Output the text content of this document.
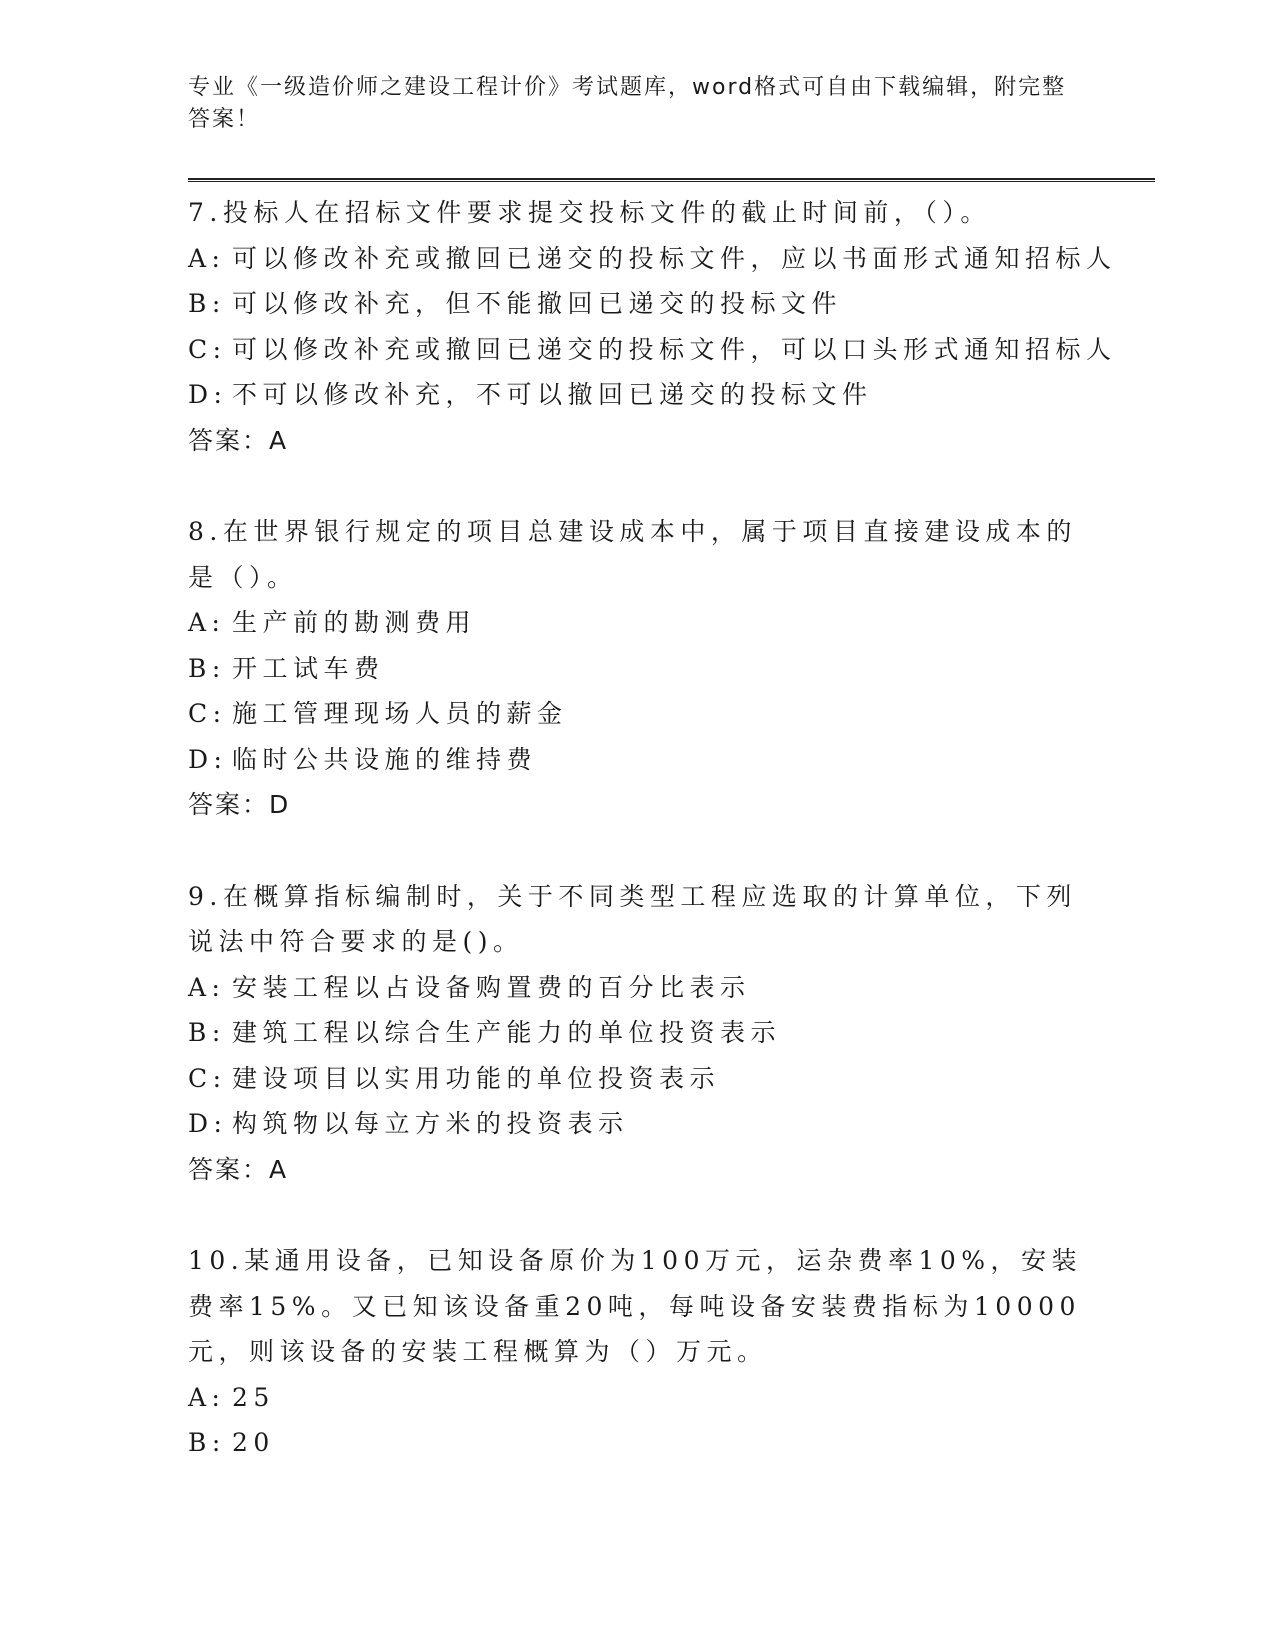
专业《一级造价师之建设工程计价》考试题库，word格式可自由下载编辑，附完整答案！

7.投标人在招标文件要求提交投标文件的截止时间前，（）。

A: 可以修改补充或撤回已递交的投标文件，应以书面形式通知招标人

B: 可以修改补充，但不能撤回已递交的投标文件

C: 可以修改补充或撤回已递交的投标文件，可以口头形式通知招标人

D: 不可以修改补充，不可以撤回已递交的投标文件

答案：A

8.在世界银行规定的项目总建设成本中，属于项目直接建设成本的是（）。

A: 生产前的勘测费用

B: 开工试车费

C: 施工管理现场人员的薪金

D: 临时公共设施的维持费

答案：D

9.在概算指标编制时，关于不同类型工程应选取的计算单位，下列说法中符合要求的是()。

A: 安装工程以占设备购置费的百分比表示

B: 建筑工程以综合生产能力的单位投资表示

C: 建设项目以实用功能的单位投资表示

D: 构筑物以每立方米的投资表示

答案：A

10.某通用设备，已知设备原价为100万元，运杂费率10%，安装费率15%。又已知该设备重20吨，每吨设备安装费指标为10000元，则该设备的安装工程概算为（）万元。

A: 25

B: 20
